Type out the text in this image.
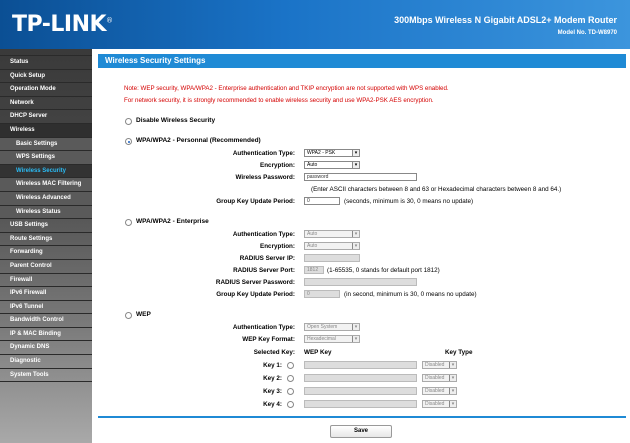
TP-LINK®	300Mbps Wireless N Gigabit ADSL2+ Modem Router
Model No. TD-W8970
Status
Quick Setup
Operation Mode
Network
DHCP Server
Wireless
Basic Settings
WPS Settings
Wireless Security
Wireless MAC Filtering
Wireless Advanced
Wireless Status
USB Settings
Route Settings
Forwarding
Parent Control
Firewall
IPv6 Firewall
IPv6 Tunnel
Bandwidth Control
IP & MAC Binding
Dynamic DNS
Diagnostic
System Tools
Wireless Security Settings
Note: WEP security, WPA/WPA2 - Enterprise authentication and TKIP encryption are not supported with WPS enabled.
For network security, it is strongly recommended to enable wireless security and use WPA2-PSK AES encryption.
Disable Wireless Security
WPA/WPA2 - Personnal (Recommended)
Authentication Type:	WPA2 - PSK	▾
Encryption:	Auto	▾
Wireless Password:	password
(Enter ASCII characters between 8 and 63 or Hexadecimal characters between 8 and 64.)
Group Key Update Period:	0	(seconds, minimum is 30, 0 means no update)
WPA/WPA2 - Enterprise
Authentication Type:	Auto	▾
Encryption:	Auto	▾
RADIUS Server IP:
RADIUS Server Port:	1812	(1-65535, 0 stands for default port 1812)
RADIUS Server Password:
Group Key Update Period:	0	(in second, minimum is 30, 0 means no update)
WEP
Authentication Type:	Open System	▾
WEP Key Format:	Hexadecimal	▾
Selected Key: WEP Key	Key Type
Key 1:	Disabled	▾
Key 2:	Disabled	▾
Key 3:	Disabled	▾
Key 4:	Disabled	▾
Save
